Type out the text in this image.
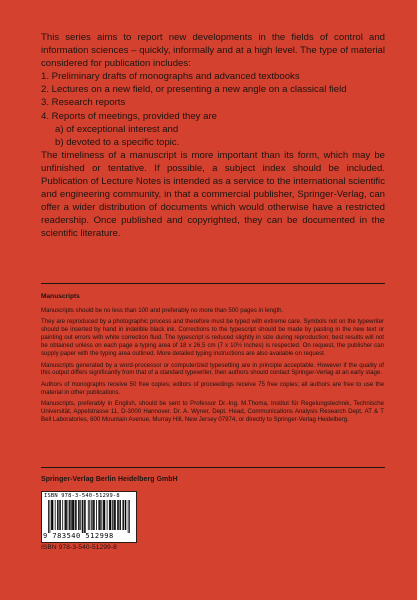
This series aims to report new developments in the fields of control and information sciences – quickly, informally and at a high level. The type of material considered for publication includes:

1. Preliminary drafts of monographs and advanced textbooks
2. Lectures on a new field, or presenting a new angle on a classical field
3. Research reports
4. Reports of meetings, provided they are
a) of exceptional interest and
b) devoted to a specific topic.

The timeliness of a manuscript is more important than its form, which may be unfinished or tentative. If possible, a subject index should be included. Publication of Lecture Notes is intended as a service to the international scientific and engineering community, in that a commercial publisher, Springer-Verlag, can offer a wider distribution of documents which would otherwise have a restricted readership. Once published and copyrighted, they can be documented in the scientific literature.

Manuscripts

Manuscripts should be no less than 100 and preferably no more than 500 pages in length.

They are reproduced by a photographic process and therefore must be typed with extreme care. Symbols not on the typewriter should be inserted by hand in indelible black ink. Corrections to the typescript should be made by pasting in the new text or painting out errors with white correction fluid. The typescript is reduced slightly in size during reproduction; best results will not be obtained unless on each page a typing area of 18 x 26,5 cm (7 x 10½ inches) is respected. On request, the publisher can supply paper with the typing area outlined. More detailed typing instructions are also available on request.

Manuscripts generated by a word-processor or computerized typesetting are in principle acceptable. However if the quality of this output differs significantly from that of a standard typewriter, then authors should contact Springer-Verlag at an early stage.

Authors of monographs receive 50 free copies; editors of proceedings receive 75 free copies; all authors are free to use the material in other publications.

Manuscripts, preferably in English, should be sent to Professor Dr.-Ing. M.Thoma, Institut für Regelungstechnik, Technische Universität, Appelstrasse 11, D-3000 Hannover. Dr. A. Wyner, Dept. Head, Communications Analysis Research Dept, AT & T Bell Laboratories, 600 Mountain Avenue, Murray Hill, New Jersey 07974, or directly to Springer-Verlag Heidelberg.

Springer-Verlag Berlin Heidelberg GmbH
ISBN 978-3-540-51299-8
9 783540 512998
ISBN 978-3-540-51299-8
